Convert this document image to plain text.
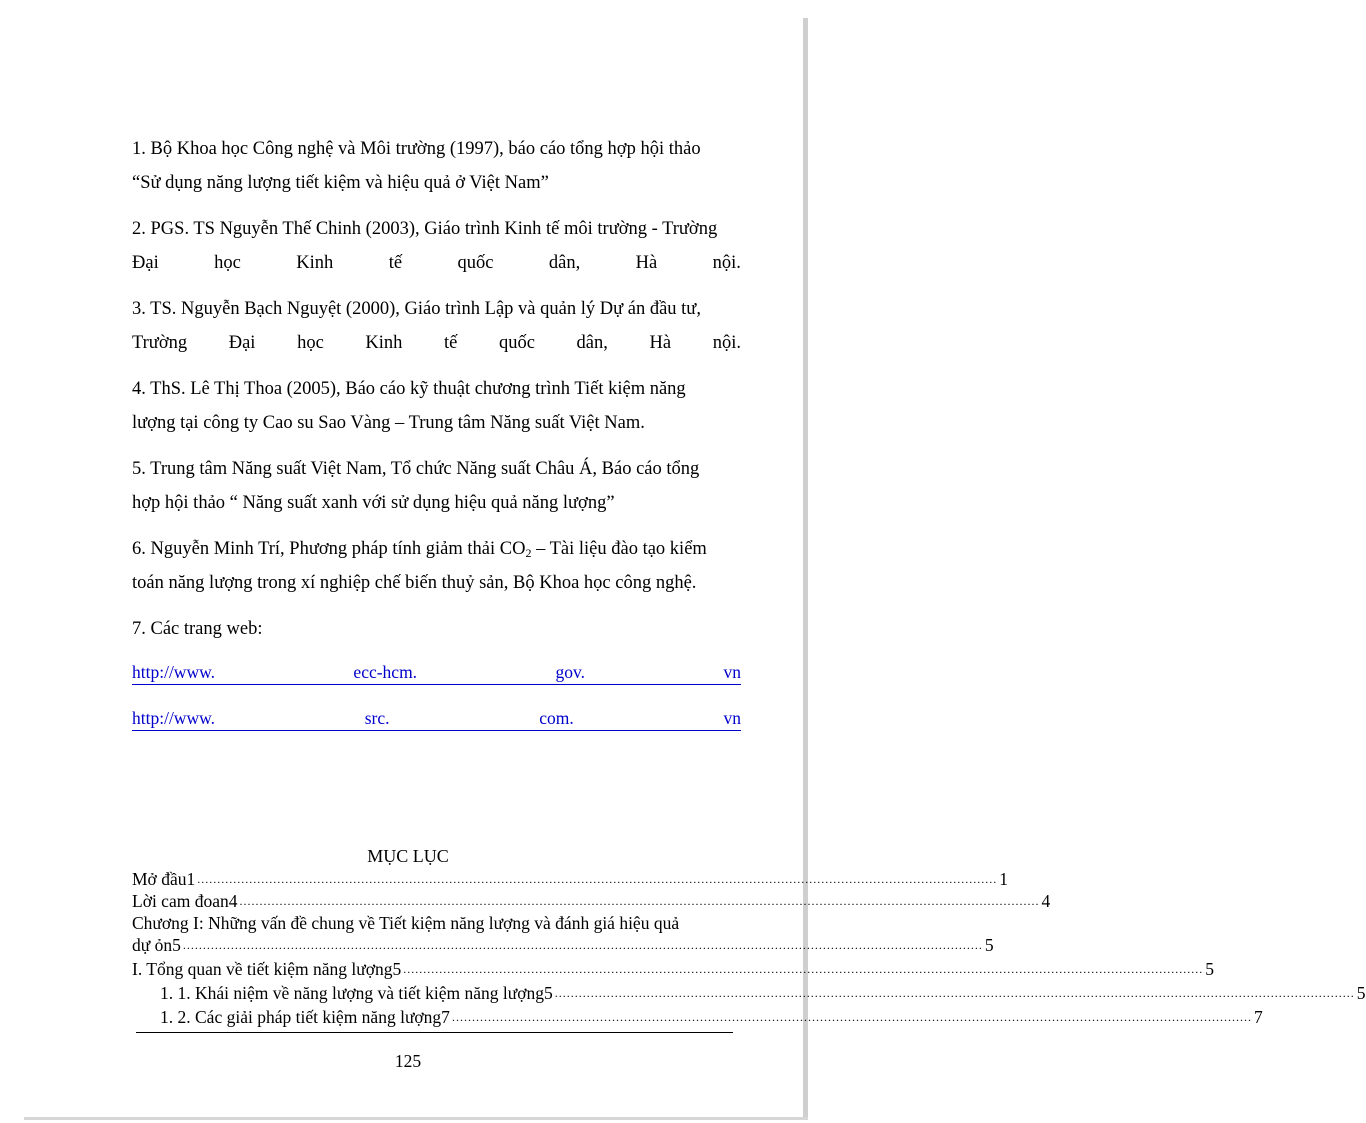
1. Bộ Khoa học Công nghệ và Môi trường (1997), báo cáo tổng hợp hội thảo

“Sử dụng năng lượng tiết kiệm và hiệu quả ở Việt Nam”

2. PGS. TS Nguyễn Thế Chinh (2003), Giáo trình Kinh tế môi trường - Trường

Đại	học	Kinh	tế	quốc	dân,	Hà	nội.

3. TS. Nguyễn Bạch Nguyệt (2000), Giáo trình Lập và quản lý Dự án đầu tư,

Trường Đại học Kinh tế quốc dân, Hà nội.

4. ThS. Lê Thị Thoa (2005), Báo cáo kỹ thuật chương trình Tiết kiệm năng

lượng tại công ty Cao su Sao Vàng – Trung tâm Năng suất Việt Nam.

5. Trung tâm Năng suất Việt Nam, Tổ chức Năng suất Châu Á, Báo cáo tổng

hợp hội thảo “ Năng suất xanh với sử dụng hiệu quả năng lượng”

6. Nguyễn Minh Trí, Phương pháp tính giảm thải $CO_2$ – Tài liệu đào tạo kiểm

toán năng lượng trong xí nghiệp chế biến thuỷ sản, Bộ Khoa học công nghệ.

7. Các trang web:

http://www.	ecc-hcm.	gov.	vn
http://www.	src.	com.	vn
MỤC LỤC
Mở đầu1 ........................................................................................................................................................................................................ 1
Lời cam đoan4 ........................................................................................................................................................................................................ 4
Chương I: Những vấn đề chung về Tiết kiệm năng lượng và đánh giá hiệu quả
dự ỏn5 ........................................................................................................................................................................................................ 5
I. Tổng quan về tiết kiệm năng lượng5 ........................................................................................................................................................................................................ 5
1. 1. Khái niệm về năng lượng và tiết kiệm năng lượng5 ........................................................................................................................................................................................................ 5
1. 2. Các giải pháp tiết kiệm năng lượng7 ........................................................................................................................................................................................................ 7
125
